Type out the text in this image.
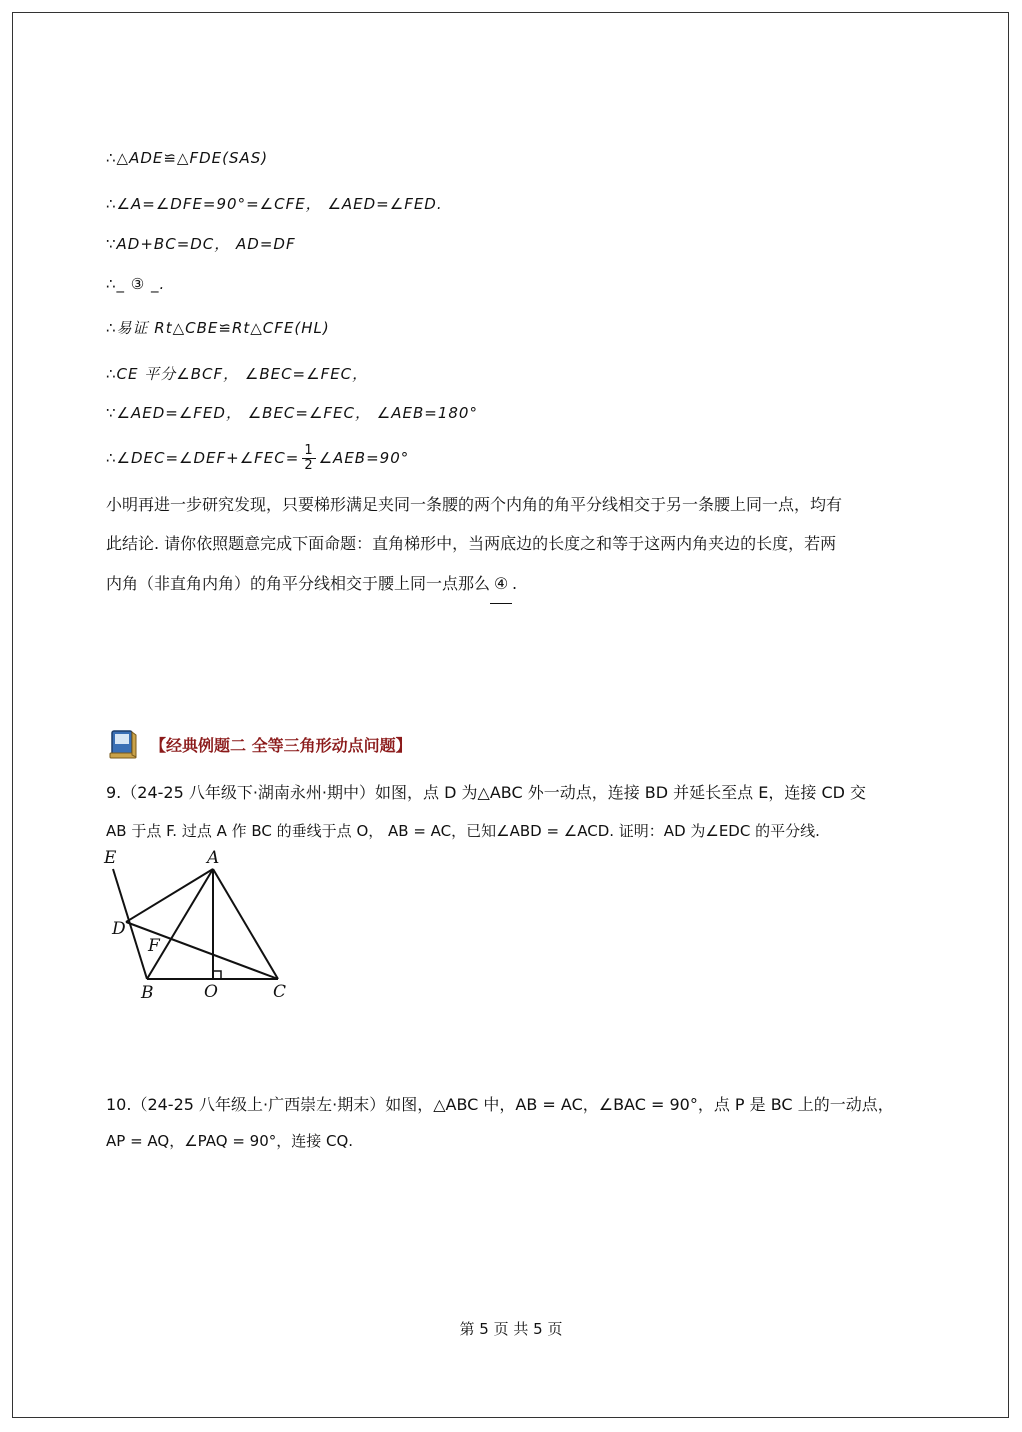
∴△ADE≌△FDE(SAS)
∴∠A=∠DFE=90°=∠CFE， ∠AED=∠FED.
∵AD+BC=DC， AD=DF
∴_ ③ _.
∴易证 Rt△CBE≌Rt△CFE(HL)
∴CE 平分∠BCF， ∠BEC=∠FEC，
∵∠AED=∠FED， ∠BEC=∠FEC， ∠AEB=180°
∴∠DEC=∠DEF+∠FEC= $\frac{1}{2}$ ∠AEB=90°
小明再进一步研究发现，只要梯形满足夹同一条腰的两个内角的角平分线相交于另一条腰上同一点，均有
此结论. 请你依照题意完成下面命题：直角梯形中，当两底边的长度之和等于这两内角夹边的长度，若两
内角（非直角内角）的角平分线相交于腰上同一点那么 ④ .
【经典例题二 全等三角形动点问题】
9.（24-25 八年级下·湖南永州·期中）如图，点 D 为△ABC 外一动点，连接 BD 并延长至点 E，连接 CD 交
AB 于点 F. 过点 A 作 BC 的垂线于点 O， AB = AC，已知∠ABD = ∠ACD. 证明：AD 为∠EDC 的平分线.
E	A
D
F
B	O	C
10.（24-25 八年级上·广西崇左·期末）如图，△ABC 中，AB = AC，∠BAC = 90°，点 P 是 BC 上的一动点，
AP = AQ，∠PAQ = 90°，连接 CQ.
第 5 页 共 5 页
